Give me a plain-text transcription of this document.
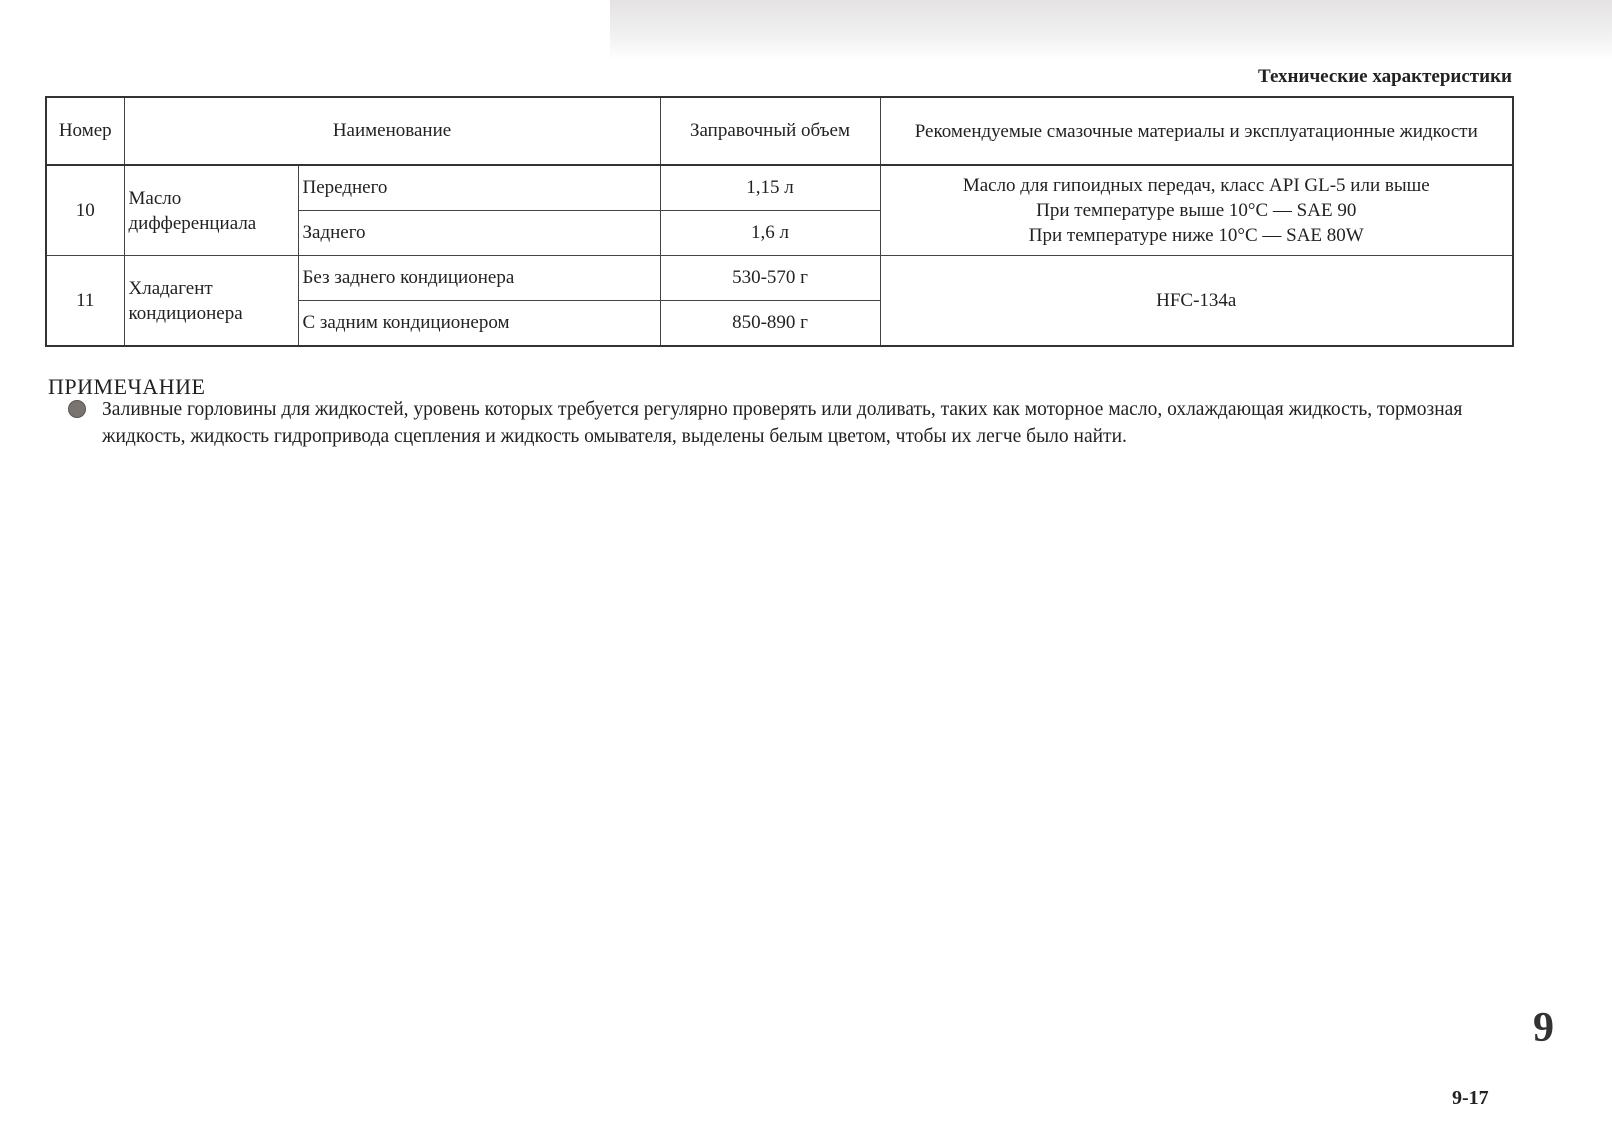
Технические характеристики
Номер	Наименование		Заправочный объем	Рекомендуемые смазочные материалы и эксплуатационные жидкости
10	Масло дифференциала	Переднего	1,15 л	Масло для гипоидных передач, класс API GL-5 или выше
При температуре выше 10°C — SAE 90
При температуре ниже 10°C — SAE 80W

		Заднего	1,6 л	
11	Хладагент кондиционера	Без заднего кондиционера	530-570 г	HFC-134a

		С задним кондиционером	850-890 г	
ПРИМЕЧАНИЕ
Заливные горловины для жидкостей, уровень которых требуется регулярно проверять или доливать, таких как моторное масло, охлаждающая жидкость, тормозная жидкость, жидкость гидропривода сцепления и жидкость омывателя, выделены белым цветом, чтобы их легче было найти.
9
9-17
